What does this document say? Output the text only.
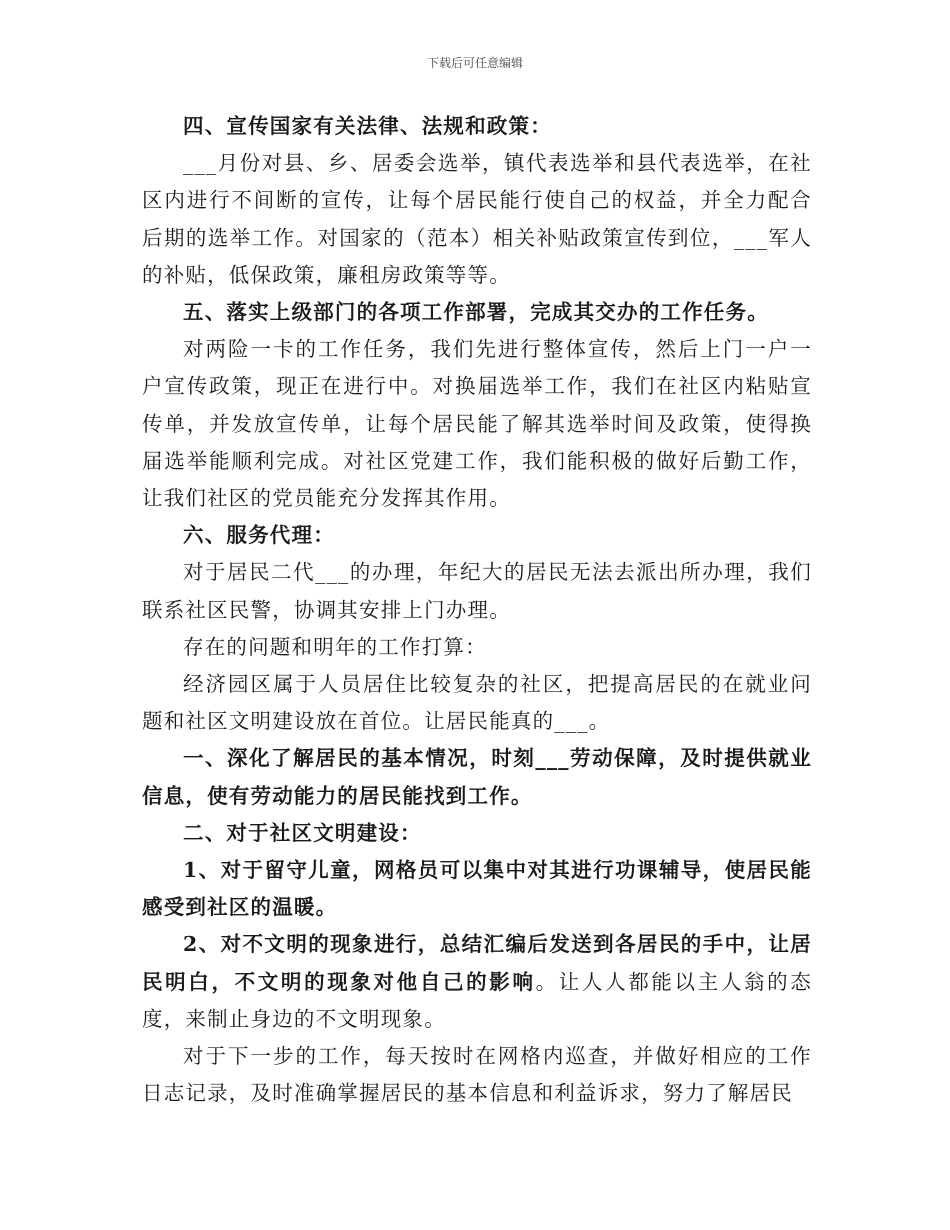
下载后可任意编辑

四、宣传国家有关法律、法规和政策：

___月份对县、乡、居委会选举，镇代表选举和县代表选举，在社区内进行不间断的宣传，让每个居民能行使自己的权益，并全力配合后期的选举工作。对国家的（范本）相关补贴政策宣传到位，___军人的补贴，低保政策，廉租房政策等等。

五、落实上级部门的各项工作部署，完成其交办的工作任务。

对两险一卡的工作任务，我们先进行整体宣传，然后上门一户一户宣传政策，现正在进行中。对换届选举工作，我们在社区内粘贴宣传单，并发放宣传单，让每个居民能了解其选举时间及政策，使得换届选举能顺利完成。对社区党建工作，我们能积极的做好后勤工作，让我们社区的党员能充分发挥其作用。

六、服务代理：

对于居民二代___的办理，年纪大的居民无法去派出所办理，我们联系社区民警，协调其安排上门办理。

存在的问题和明年的工作打算：

经济园区属于人员居住比较复杂的社区，把提高居民的在就业问题和社区文明建设放在首位。让居民能真的___。

一、深化了解居民的基本情况，时刻___劳动保障，及时提供就业信息，使有劳动能力的居民能找到工作。

二、对于社区文明建设：

1、对于留守儿童，网格员可以集中对其进行功课辅导，使居民能感受到社区的温暖。

2、对不文明的现象进行，总结汇编后发送到各居民的手中，让居民明白，不文明的现象对他自己的影响。让人人都能以主人翁的态度，来制止身边的不文明现象。

对于下一步的工作，每天按时在网格内巡查，并做好相应的工作日志记录，及时准确掌握居民的基本信息和利益诉求，努力了解居民
